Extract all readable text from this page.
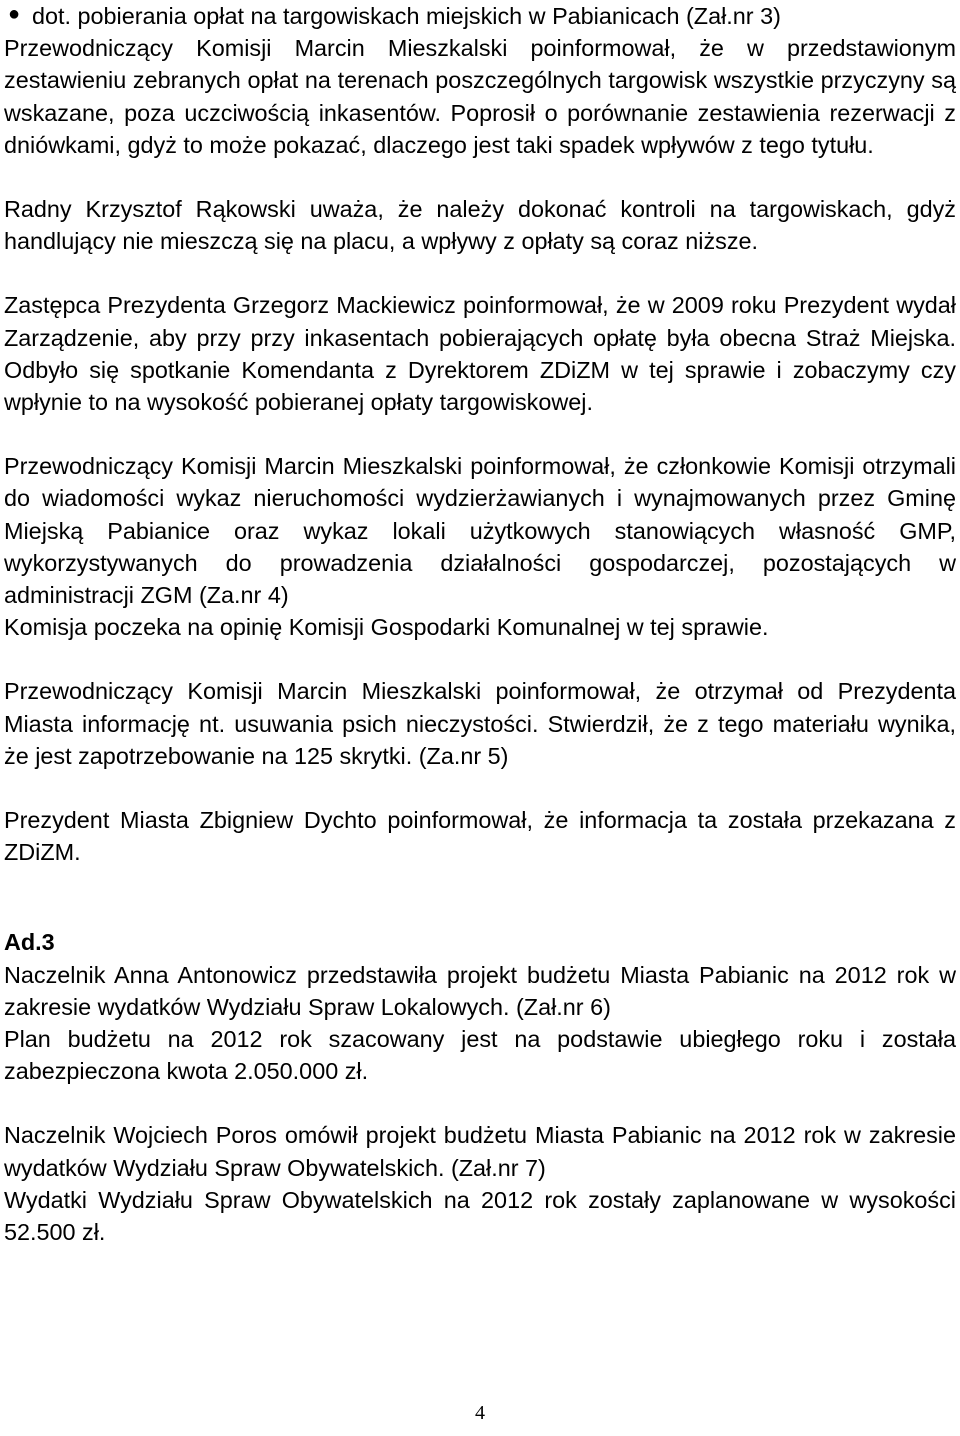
● dot. pobierania opłat na targowiskach miejskich w Pabianicach (Zał.nr 3)

Przewodniczący Komisji Marcin Mieszkalski poinformował, że w przedstawionym zestawieniu zebranych opłat na terenach poszczególnych targowisk wszystkie przyczyny są wskazane, poza uczciwością inkasentów. Poprosił o porównanie zestawienia rezerwacji z dniówkami, gdyż to może pokazać, dlaczego jest taki spadek wpływów z tego tytułu.

Radny Krzysztof Rąkowski uważa, że należy dokonać kontroli na targowiskach, gdyż handlujący nie mieszczą się na placu, a wpływy z opłaty są coraz niższe.

Zastępca Prezydenta Grzegorz Mackiewicz poinformował, że w 2009 roku Prezydent wydał Zarządzenie, aby przy przy inkasentach pobierających opłatę była obecna Straż Miejska. Odbyło się spotkanie Komendanta z Dyrektorem ZDiZM w tej sprawie i zobaczymy czy wpłynie to na wysokość pobieranej opłaty targowiskowej.

Przewodniczący Komisji Marcin Mieszkalski poinformował, że członkowie Komisji otrzymali do wiadomości wykaz nieruchomości wydzierżawianych i wynajmowanych przez Gminę Miejską Pabianice oraz wykaz lokali użytkowych stanowiących własność GMP, wykorzystywanych do prowadzenia działalności gospodarczej, pozostających w administracji ZGM (Za.nr 4)

Komisja poczeka na opinię Komisji Gospodarki Komunalnej w tej sprawie.

Przewodniczący Komisji Marcin Mieszkalski poinformował, że otrzymał od Prezydenta Miasta informację nt. usuwania psich nieczystości. Stwierdził, że z tego materiału wynika, że jest zapotrzebowanie na 125 skrytki. (Za.nr 5)

Prezydent Miasta Zbigniew Dychto poinformował, że informacja ta została przekazana z ZDiZM.

Ad.3

Naczelnik Anna Antonowicz przedstawiła projekt budżetu Miasta Pabianic na 2012 rok w zakresie wydatków Wydziału Spraw Lokalowych. (Zał.nr 6)

Plan budżetu na 2012 rok szacowany jest na podstawie ubiegłego roku i została zabezpieczona kwota 2.050.000 zł.

Naczelnik Wojciech Poros omówił projekt budżetu Miasta Pabianic na 2012 rok w zakresie wydatków Wydziału Spraw Obywatelskich. (Zał.nr 7)

Wydatki Wydziału Spraw Obywatelskich na 2012 rok zostały zaplanowane w wysokości 52.500 zł.

4
